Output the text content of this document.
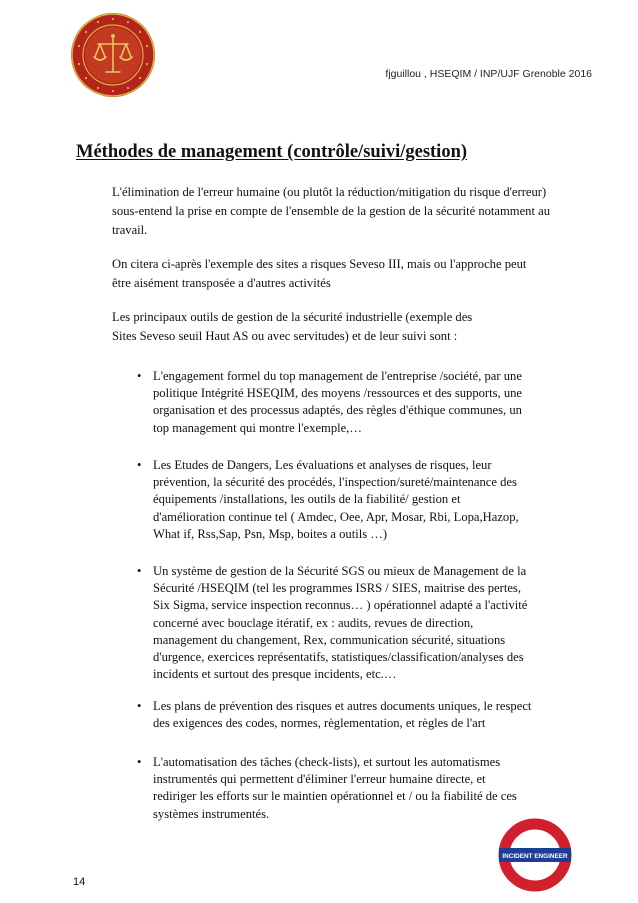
fjguillou , HSEQIM / INP/UJF Grenoble 2016
Méthodes de management (contrôle/suivi/gestion)

L'élimination de l'erreur humaine (ou plutôt la réduction/mitigation du risque d'erreur)
sous-entend la prise en compte de l'ensemble de la gestion de la sécurité notamment au
travail.

On citera ci-après l'exemple des sites a risques Seveso III, mais ou l'approche peut
être aisément transposée a d'autres activités

Les principaux outils de gestion de la sécurité industrielle (exemple des
Sites Seveso seuil Haut AS ou avec servitudes) et de leur suivi sont :

• L'engagement formel du top management de l'entreprise /société, par une
politique Intégrité HSEQIM, des moyens /ressources et des supports, une
organisation et des processus adaptés, des règles d'éthique communes, un
top management qui montre l'exemple,…
• Les Etudes de Dangers, Les évaluations et analyses de risques, leur
prévention, la sécurité des procédés, l'inspection/sureté/maintenance des
équipements /installations, les outils de la fiabilité/ gestion et
d'amélioration continue tel ( Amdec, Oee, Apr, Mosar, Rbi, Lopa,Hazop,
What if, Rss,Sap, Psn, Msp, boites a outils …)
• Un système de gestion de la Sécurité SGS ou mieux de Management de la
Sécurité /HSEQIM (tel les programmes ISRS / SIES, maitrise des pertes,
Six Sigma, service inspection reconnus… ) opérationnel adapté a l'activité
concerné avec bouclage itératif, ex : audits, revues de direction,
management du changement, Rex, communication sécurité, situations
d'urgence, exercices représentatifs, statistiques/classification/analyses des
incidents et surtout des presque incidents, etc.…
• Les plans de prévention des risques et autres documents uniques, le respect
des exigences des codes, normes, règlementation, et règles de l'art
• L'automatisation des tâches (check-lists), et surtout les automatismes
instrumentés qui permettent d'éliminer l'erreur humaine directe, et
rediriger les efforts sur le maintien opérationnel et / ou la fiabilité de ces
systèmes instrumentés.
14
INCIDENT ENGINEER
